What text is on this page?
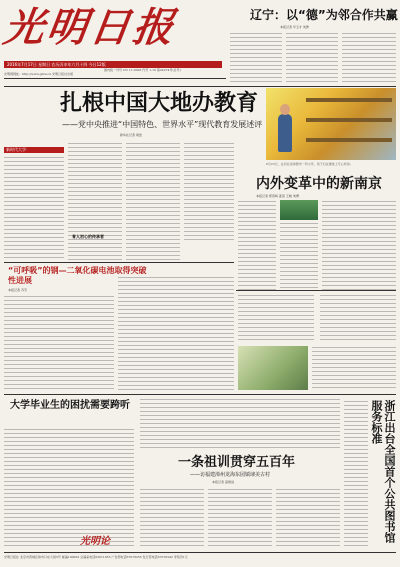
光明日报
2016年7月17日 星期日 农历丙申年六月十四 今日12版
国内统一刊号 CN 11-0026 代号 1-16 第24274号(总号)
光明网网址：http://www.gmw.cn 光明日报社出版
辽宁：以“德”为邻合作共赢
本报记者 毕玉才 刘勇
扎根中国大地办教育
——党中央推进“中国特色、世界水平”现代教育发展述评
新华社记者 胡浩
6月23日，在河北省承德市一所小学，孩子们在课堂上专心听讲。
新时代大学·
育人初心的传承者
内外变革中的新南京
本报记者 郑晋鸣 姜侃 王晓 刘博
“可呼吸”的钢—二氧化碳电池取得突破性进展
本报记者 齐芳
大学毕业生的困扰需要跨听
光明论
一条祖训贯穿五百年
——访福建漳州龙海东园镇埭美古村
本报记者 高建进	浙江出台全国首个公共图书馆服务标准
光明日报社 北京市西城区珠市口东大街5号 邮编100062 总编室电话63011033 广告部电话67078255 发行部电话67078242 零售价1元
